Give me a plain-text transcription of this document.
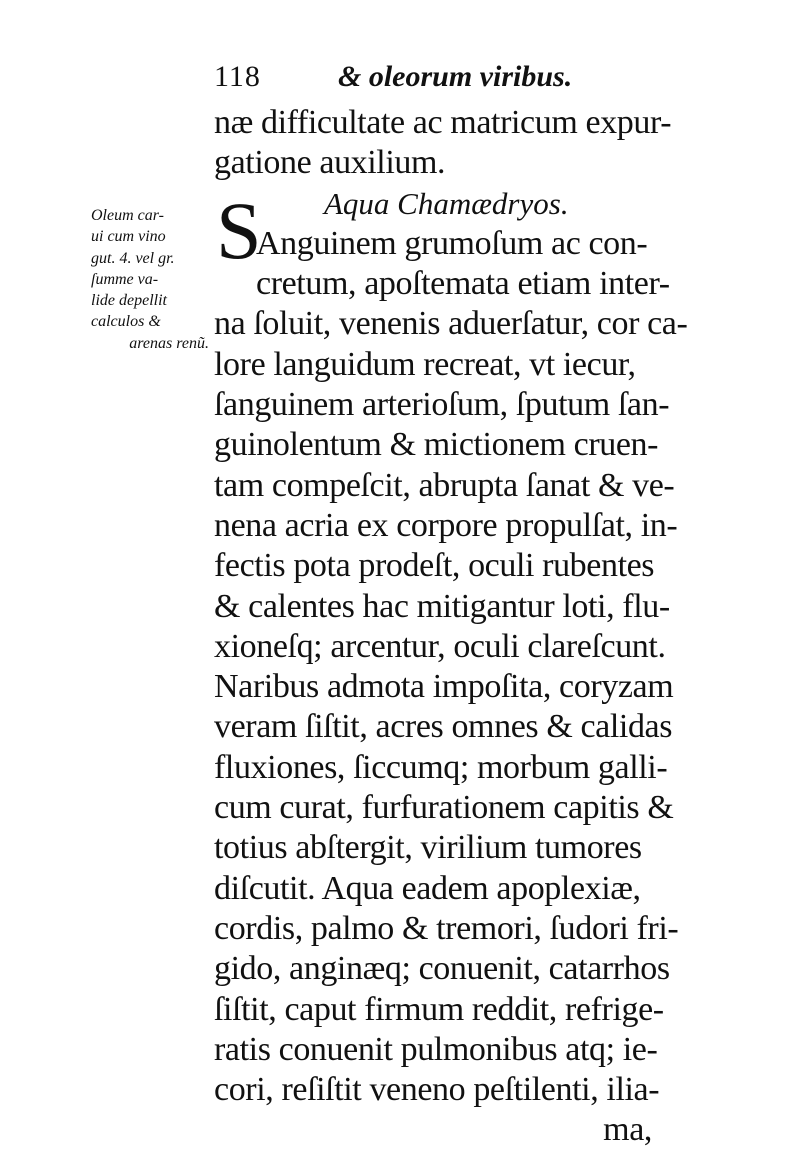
118	& oleorum viribus.
Oleum car-
ui cum vino
gut. 4. vel gr.
ſumme va-
lide depellit
calculos &
arenas renũ.
S
næ difficultate ac matricum expur-
gatione auxilium.
Aqua Chamædryos.
Anguinem grumoſum ac con-
cretum, apoſtemata etiam inter-
na ſoluit, venenis aduerſatur, cor ca-
lore languidum recreat, vt iecur,
ſanguinem arterioſum, ſputum ſan-
guinolentum & mictionem cruen-
tam compeſcit, abrupta ſanat & ve-
nena acria ex corpore propulſat, in-
fectis pota prodeſt, oculi rubentes
& calentes hac mitigantur loti, flu-
xioneſq; arcentur, oculi clareſcunt.
Naribus admota impoſita, coryzam
veram ſiſtit, acres omnes & calidas
fluxiones, ſiccumq; morbum galli-
cum curat, furfurationem capitis &
totius abſtergit, virilium tumores
diſcutit. Aqua eadem apoplexiæ,
cordis, palmo & tremori, ſudori fri-
gido, anginæq; conuenit, catarrhos
ſiſtit, caput firmum reddit, refrige-
ratis conuenit pulmonibus atq; ie-
cori, reſiſtit veneno peſtilenti, ilia-
ma,
